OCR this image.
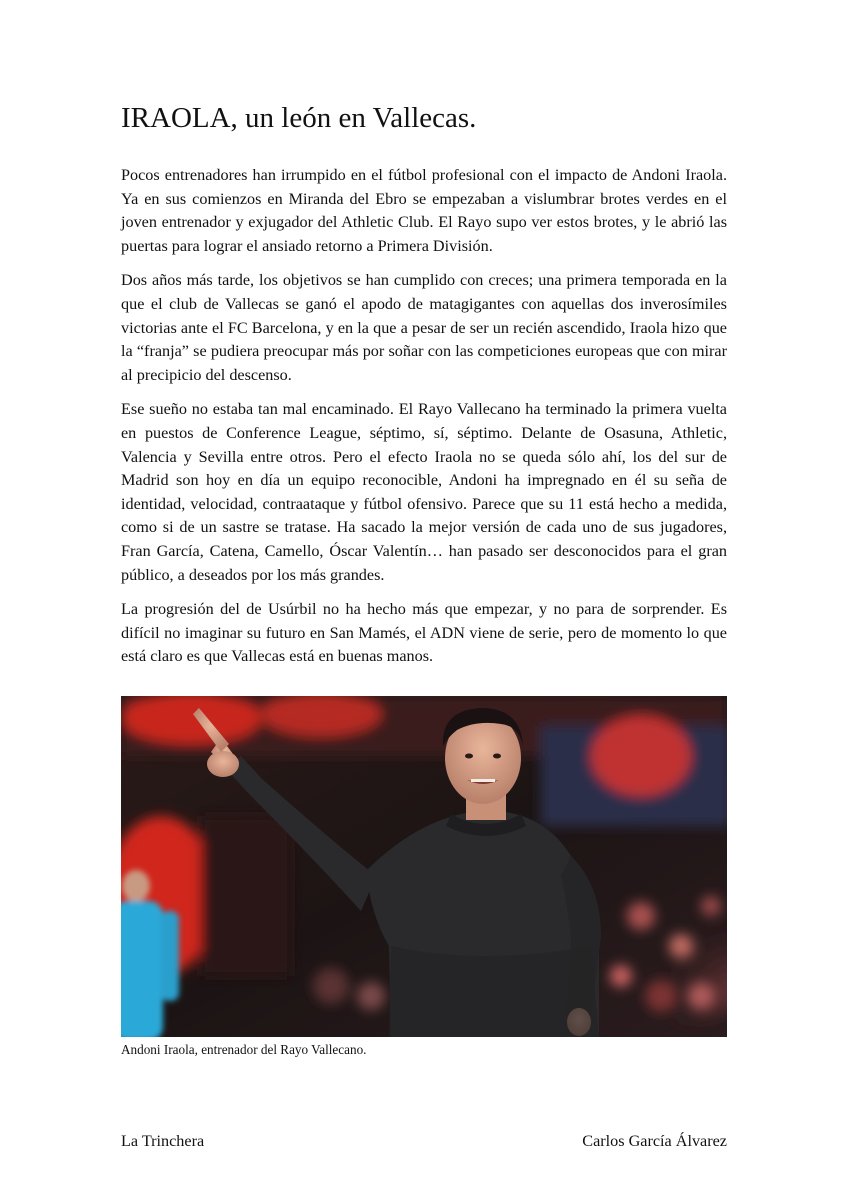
IRAOLA, un león en Vallecas.

Pocos entrenadores han irrumpido en el fútbol profesional con el impacto de Andoni Iraola. Ya en sus comienzos en Miranda del Ebro se empezaban a vislumbrar brotes verdes en el joven entrenador y exjugador del Athletic Club. El Rayo supo ver estos brotes, y le abrió las puertas para lograr el ansiado retorno a Primera División.

Dos años más tarde, los objetivos se han cumplido con creces; una primera temporada en la que el club de Vallecas se ganó el apodo de matagigantes con aquellas dos inverosímiles victorias ante el FC Barcelona, y en la que a pesar de ser un recién ascendido, Iraola hizo que la “franja” se pudiera preocupar más por soñar con las competiciones europeas que con mirar al precipicio del descenso.

Ese sueño no estaba tan mal encaminado. El Rayo Vallecano ha terminado la primera vuelta en puestos de Conference League, séptimo, sí, séptimo. Delante de Osasuna, Athletic, Valencia y Sevilla entre otros. Pero el efecto Iraola no se queda sólo ahí, los del sur de Madrid son hoy en día un equipo reconocible, Andoni ha impregnado en él su seña de identidad, velocidad, contraataque y fútbol ofensivo. Parece que su 11 está hecho a medida, como si de un sastre se tratase. Ha sacado la mejor versión de cada uno de sus jugadores, Fran García, Catena, Camello, Óscar Valentín… han pasado ser desconocidos para el gran público, a deseados por los más grandes.

La progresión del de Usúrbil no ha hecho más que empezar, y no para de sorprender. Es difícil no imaginar su futuro en San Mamés, el ADN viene de serie, pero de momento lo que está claro es que Vallecas está en buenas manos.

Andoni Iraola, entrenador del Rayo Vallecano.
La Trinchera	Carlos García Álvarez
